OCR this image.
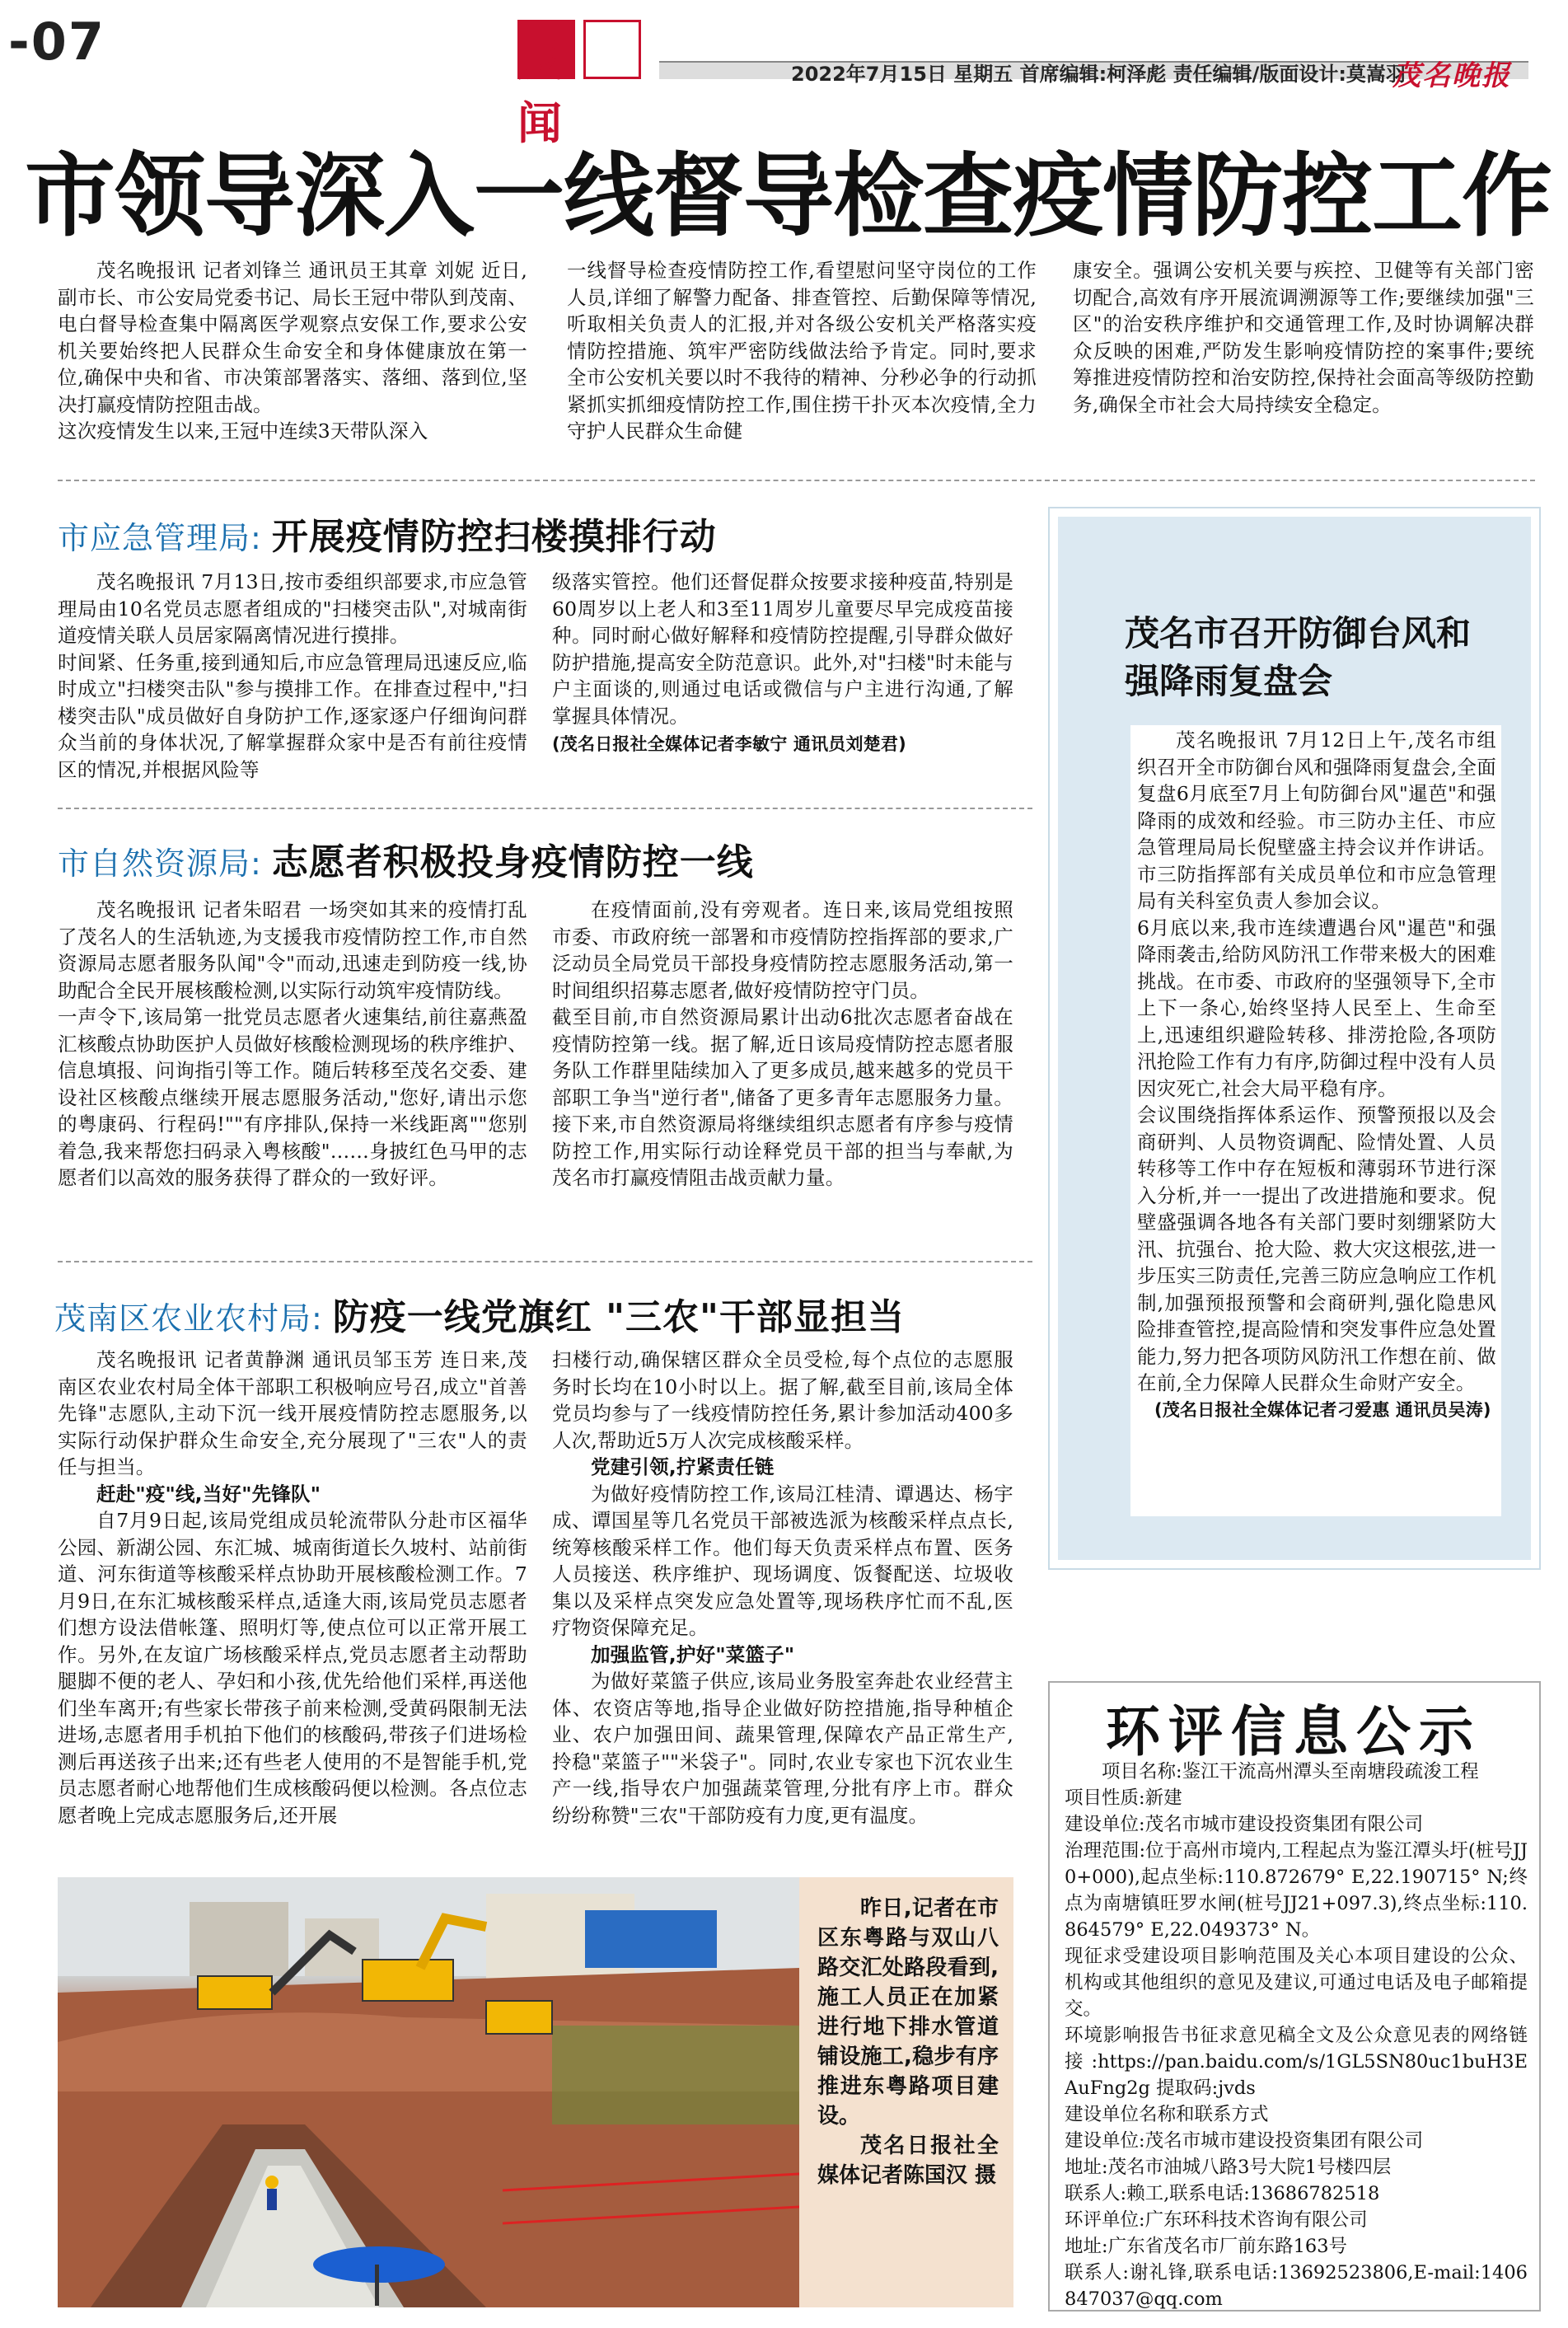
-07	茂闻
2022年7月15日 星期五 首席编辑:柯泽彪 责任编辑/版面设计:莫嵩羽
茂名晚报
市领导深入一线督导检查疫情防控工作

茂名晚报讯 记者刘锋兰 通讯员王其章 刘妮 近日,副市长、市公安局党委书记、局长王冠中带队到茂南、电白督导检查集中隔离医学观察点安保工作,要求公安机关要始终把人民群众生命安全和身体健康放在第一位,确保中央和省、市决策部署落实、落细、落到位,坚决打赢疫情防控阻击战。
这次疫情发生以来,王冠中连续3天带队深入

一线督导检查疫情防控工作,看望慰问坚守岗位的工作人员,详细了解警力配备、排查管控、后勤保障等情况,听取相关负责人的汇报,并对各级公安机关严格落实疫情防控措施、筑牢严密防线做法给予肯定。同时,要求全市公安机关要以时不我待的精神、分秒必争的行动抓紧抓实抓细疫情防控工作,围住捞干扑灭本次疫情,全力守护人民群众生命健

康安全。强调公安机关要与疾控、卫健等有关部门密切配合,高效有序开展流调溯源等工作;要继续加强"三区"的治安秩序维护和交通管理工作,及时协调解决群众反映的困难,严防发生影响疫情防控的案事件;要统筹推进疫情防控和治安防控,保持社会面高等级防控勤务,确保全市社会大局持续安全稳定。

市应急管理局: 开展疫情防控扫楼摸排行动

茂名晚报讯 7月13日,按市委组织部要求,市应急管理局由10名党员志愿者组成的"扫楼突击队",对城南街道疫情关联人员居家隔离情况进行摸排。
时间紧、任务重,接到通知后,市应急管理局迅速反应,临时成立"扫楼突击队"参与摸排工作。在排查过程中,"扫楼突击队"成员做好自身防护工作,逐家逐户仔细询问群众当前的身体状况,了解掌握群众家中是否有前往疫情区的情况,并根据风险等

级落实管控。他们还督促群众按要求接种疫苗,特别是60周岁以上老人和3至11周岁儿童要尽早完成疫苗接种。同时耐心做好解释和疫情防控提醒,引导群众做好防护措施,提高安全防范意识。此外,对"扫楼"时未能与户主面谈的,则通过电话或微信与户主进行沟通,了解掌握具体情况。

(茂名日报社全媒体记者李敏宁 通讯员刘楚君)

市自然资源局: 志愿者积极投身疫情防控一线

茂名晚报讯 记者朱昭君 一场突如其来的疫情打乱了茂名人的生活轨迹,为支援我市疫情防控工作,市自然资源局志愿者服务队闻"令"而动,迅速走到防疫一线,协助配合全民开展核酸检测,以实际行动筑牢疫情防线。
一声令下,该局第一批党员志愿者火速集结,前往嘉燕盈汇核酸点协助医护人员做好核酸检测现场的秩序维护、信息填报、问询指引等工作。随后转移至茂名交委、建设社区核酸点继续开展志愿服务活动,"您好,请出示您的粤康码、行程码!""有序排队,保持一米线距离""您别着急,我来帮您扫码录入粤核酸"……身披红色马甲的志愿者们以高效的服务获得了群众的一致好评。

在疫情面前,没有旁观者。连日来,该局党组按照市委、市政府统一部署和市疫情防控指挥部的要求,广泛动员全局党员干部投身疫情防控志愿服务活动,第一时间组织招募志愿者,做好疫情防控守门员。
截至目前,市自然资源局累计出动6批次志愿者奋战在疫情防控第一线。据了解,近日该局疫情防控志愿者服务队工作群里陆续加入了更多成员,越来越多的党员干部职工争当"逆行者",储备了更多青年志愿服务力量。接下来,市自然资源局将继续组织志愿者有序参与疫情防控工作,用实际行动诠释党员干部的担当与奉献,为茂名市打赢疫情阻击战贡献力量。

茂南区农业农村局: 防疫一线党旗红 "三农"干部显担当

茂名晚报讯 记者黄静渊 通讯员邹玉芳 连日来,茂南区农业农村局全体干部职工积极响应号召,成立"首善先锋"志愿队,主动下沉一线开展疫情防控志愿服务,以实际行动保护群众生命安全,充分展现了"三农"人的责任与担当。

赶赴"疫"线,当好"先锋队"

自7月9日起,该局党组成员轮流带队分赴市区福华公园、新湖公园、东汇城、城南街道长久坡村、站前街道、河东街道等核酸采样点协助开展核酸检测工作。7月9日,在东汇城核酸采样点,适逢大雨,该局党员志愿者们想方设法借帐篷、照明灯等,使点位可以正常开展工作。另外,在友谊广场核酸采样点,党员志愿者主动帮助腿脚不便的老人、孕妇和小孩,优先给他们采样,再送他们坐车离开;有些家长带孩子前来检测,受黄码限制无法进场,志愿者用手机拍下他们的核酸码,带孩子们进场检测后再送孩子出来;还有些老人使用的不是智能手机,党员志愿者耐心地帮他们生成核酸码便以检测。各点位志愿者晚上完成志愿服务后,还开展

扫楼行动,确保辖区群众全员受检,每个点位的志愿服务时长均在10小时以上。据了解,截至目前,该局全体党员均参与了一线疫情防控任务,累计参加活动400多人次,帮助近5万人次完成核酸采样。

党建引领,拧紧责任链

为做好疫情防控工作,该局江桂清、谭遇达、杨宇成、谭国星等几名党员干部被选派为核酸采样点点长,统筹核酸采样工作。他们每天负责采样点布置、医务人员接送、秩序维护、现场调度、饭餐配送、垃圾收集以及采样点突发应急处置等,现场秩序忙而不乱,医疗物资保障充足。

加强监管,护好"菜篮子"

为做好菜篮子供应,该局业务股室奔赴农业经营主体、农资店等地,指导企业做好防控措施,指导种植企业、农户加强田间、蔬果管理,保障农产品正常生产,拎稳"菜篮子""米袋子"。同时,农业专家也下沉农业生产一线,指导农户加强蔬菜管理,分批有序上市。群众纷纷称赞"三农"干部防疫有力度,更有温度。

昨日,记者在市区东粤路与双山八路交汇处路段看到,施工人员正在加紧进行地下排水管道铺设施工,稳步有序推进东粤路项目建设。

茂名日报社全媒体记者陈国汉 摄

茂名市召开防御台风和强降雨复盘会

茂名晚报讯 7月12日上午,茂名市组织召开全市防御台风和强降雨复盘会,全面复盘6月底至7月上旬防御台风"暹芭"和强降雨的成效和经验。市三防办主任、市应急管理局局长倪壁盛主持会议并作讲话。市三防指挥部有关成员单位和市应急管理局有关科室负责人参加会议。
6月底以来,我市连续遭遇台风"暹芭"和强降雨袭击,给防风防汛工作带来极大的困难挑战。在市委、市政府的坚强领导下,全市上下一条心,始终坚持人民至上、生命至上,迅速组织避险转移、排涝抢险,各项防汛抢险工作有力有序,防御过程中没有人员因灾死亡,社会大局平稳有序。
会议围绕指挥体系运作、预警预报以及会商研判、人员物资调配、险情处置、人员转移等工作中存在短板和薄弱环节进行深入分析,并一一提出了改进措施和要求。倪壁盛强调各地各有关部门要时刻绷紧防大汛、抗强台、抢大险、救大灾这根弦,进一步压实三防责任,完善三防应急响应工作机制,加强预报预警和会商研判,强化隐患风险排查管控,提高险情和突发事件应急处置能力,努力把各项防风防汛工作想在前、做在前,全力保障人民群众生命财产安全。

(茂名日报社全媒体记者刁爱惠 通讯员吴涛)

环评信息公示

项目名称:鉴江干流高州潭头至南塘段疏浚工程
项目性质:新建
建设单位:茂名市城市建设投资集团有限公司
治理范围:位于高州市境内,工程起点为鉴江潭头圩(桩号JJ0+000),起点坐标:110.872679° E,22.190715° N;终点为南塘镇旺罗水闸(桩号JJ21+097.3),终点坐标:110.864579° E,22.049373° N。
现征求受建设项目影响范围及关心本项目建设的公众、机构或其他组织的意见及建议,可通过电话及电子邮箱提交。
环境影响报告书征求意见稿全文及公众意见表的网络链接:https://pan.baidu.com/s/1GL5SN80uc1buH3EAuFng2g 提取码:jvds
建设单位名称和联系方式
建设单位:茂名市城市建设投资集团有限公司
地址:茂名市油城八路3号大院1号楼四层
联系人:赖工,联系电话:13686782518
环评单位:广东环科技术咨询有限公司
地址:广东省茂名市厂前东路163号
联系人:谢礼锋,联系电话:13692523806,E-mail:1406847037@qq.com
